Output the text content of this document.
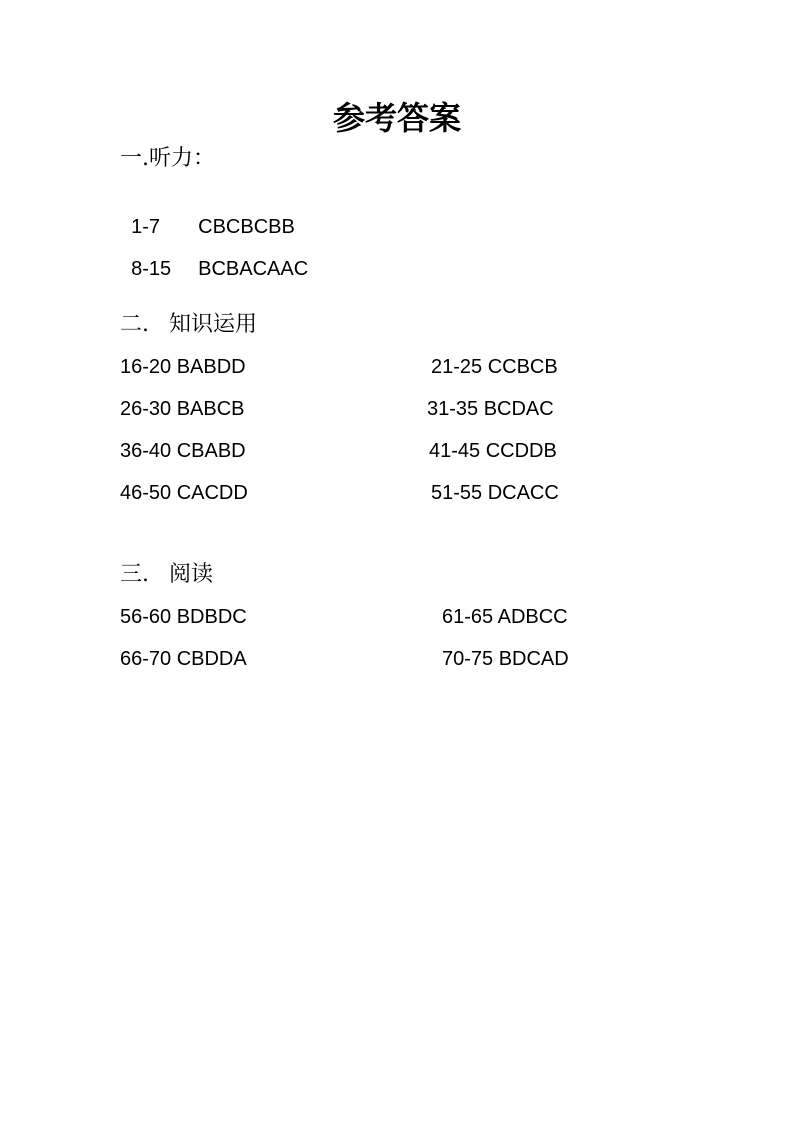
参考答案
一.听力：

1-7 CBCBCBB

8-15 BCBACAAC

二. 知识运用
16-20 BABDD	21-25 CCBCB
26-30 BABCB	31-35 BCDAC
36-40 CBABD	41-45 CCDDB
46-50 CACDD	51-55 DCACC
三. 阅读
56-60 BDBDC	61-65 ADBCC
66-70 CBDDA	70-75 BDCAD
